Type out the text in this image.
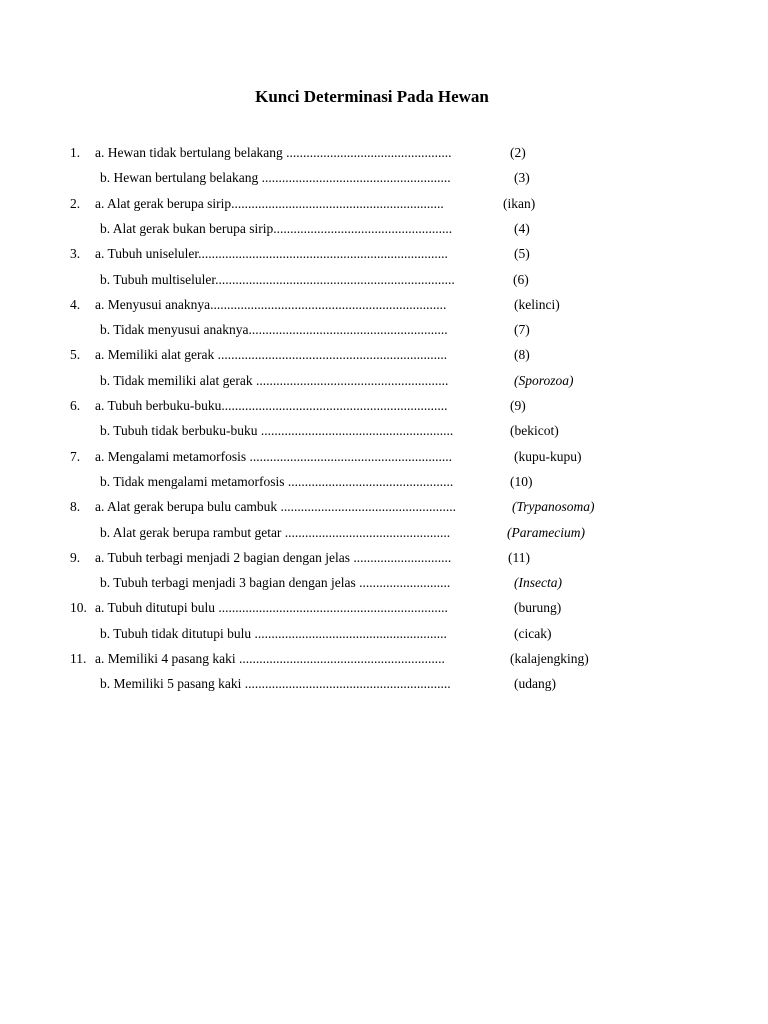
Kunci Determinasi Pada Hewan
1. a. Hewan tidak bertulang belakang .................................................	(2)
b. Hewan bertulang belakang ........................................................	(3)
2. a. Alat gerak berupa sirip...............................................................	(ikan)
b. Alat gerak bukan berupa sirip.....................................................	(4)
3. a. Tubuh uniseluler..........................................................................	(5)
b. Tubuh multiseluler.......................................................................	(6)
4. a. Menyusui anaknya......................................................................	(kelinci)
b. Tidak menyusui anaknya...........................................................	(7)
5. a. Memiliki alat gerak ....................................................................	(8)
b. Tidak memiliki alat gerak .........................................................	(Sporozoa)
6. a. Tubuh berbuku-buku...................................................................	(9)
b. Tubuh tidak berbuku-buku .........................................................	(bekicot)
7. a. Mengalami metamorfosis ............................................................	(kupu-kupu)
b. Tidak mengalami metamorfosis .................................................	(10)
8. a. Alat gerak berupa bulu cambuk ....................................................	(Trypanosoma)
b. Alat gerak berupa rambut getar .................................................	(Paramecium)
9. a. Tubuh terbagi menjadi 2 bagian dengan jelas .............................	(11)
b. Tubuh terbagi menjadi 3 bagian dengan jelas ...........................	(Insecta)
10. a. Tubuh ditutupi bulu ....................................................................	(burung)
b. Tubuh tidak ditutupi bulu .........................................................	(cicak)
11. a. Memiliki 4 pasang kaki .............................................................	(kalajengking)
b. Memiliki 5 pasang kaki .............................................................	(udang)
